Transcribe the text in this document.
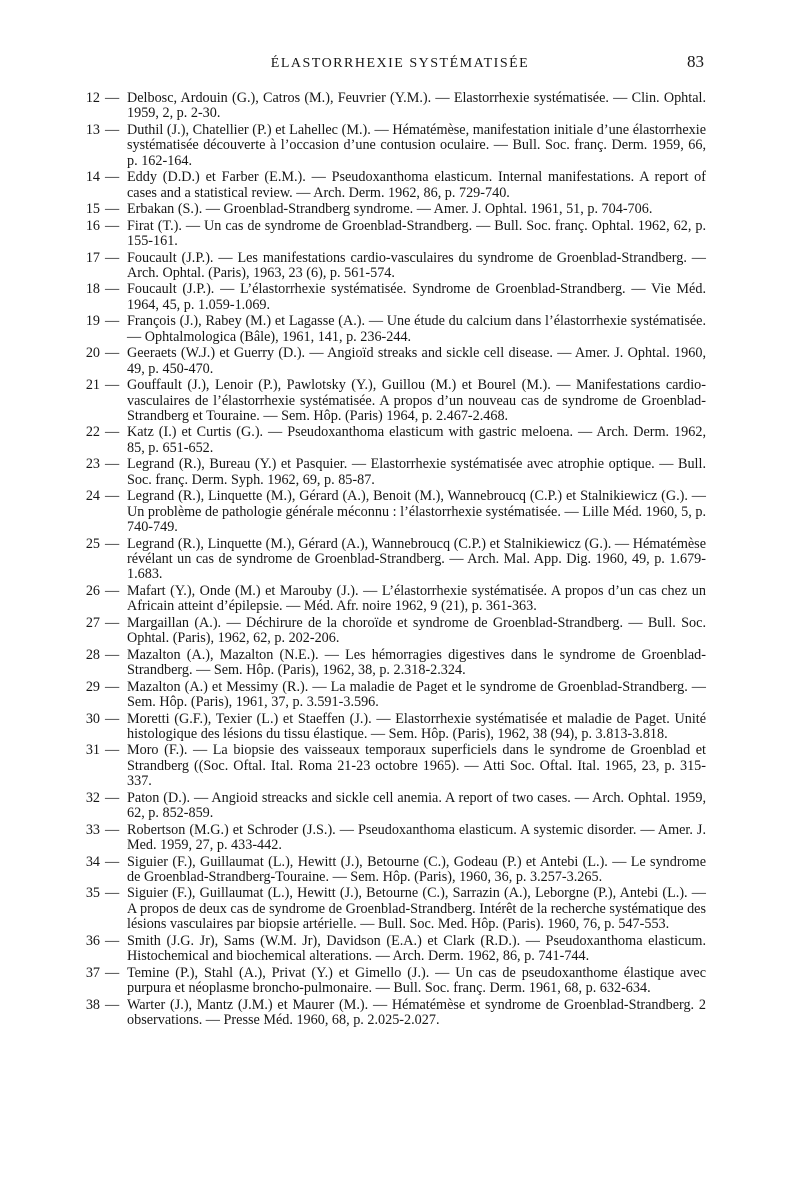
ÉLASTORRHEXIE SYSTÉMATISÉE	83
12 — Delbosc, Ardouin (G.), Catros (M.), Feuvrier (Y.M.). — Elastorrhexie systématisée. — Clin. Ophtal. 1959, 2, p. 2-30.
13 — Duthil (J.), Chatellier (P.) et Lahellec (M.). — Hématémèse, manifestation initiale d’une élastorrhexie systématisée découverte à l’occasion d’une contusion oculaire. — Bull. Soc. franç. Derm. 1959, 66, p. 162-164.
14 — Eddy (D.D.) et Farber (E.M.). — Pseudoxanthoma elasticum. Internal manifestations. A report of cases and a statistical review. — Arch. Derm. 1962, 86, p. 729-740.
15 — Erbakan (S.). — Groenblad-Strandberg syndrome. — Amer. J. Ophtal. 1961, 51, p. 704-706.
16 — Firat (T.). — Un cas de syndrome de Groenblad-Strandberg. — Bull. Soc. franç. Ophtal. 1962, 62, p. 155-161.
17 — Foucault (J.P.). — Les manifestations cardio-vasculaires du syndrome de Groenblad-Strandberg. — Arch. Ophtal. (Paris), 1963, 23 (6), p. 561-574.
18 — Foucault (J.P.). — L’élastorrhexie systématisée. Syndrome de Groenblad-Strandberg. — Vie Méd. 1964, 45, p. 1.059-1.069.
19 — François (J.), Rabey (M.) et Lagasse (A.). — Une étude du calcium dans l’élastorrhexie systématisée. — Ophtalmologica (Bâle), 1961, 141, p. 236-244.
20 — Geeraets (W.J.) et Guerry (D.). — Angioïd streaks and sickle cell disease. — Amer. J. Ophtal. 1960, 49, p. 450-470.
21 — Gouffault (J.), Lenoir (P.), Pawlotsky (Y.), Guillou (M.) et Bourel (M.). — Manifestations cardio-vasculaires de l’élastorrhexie systématisée. A propos d’un nouveau cas de syndrome de Groenblad-Strandberg et Touraine. — Sem. Hôp. (Paris) 1964, p. 2.467-2.468.
22 — Katz (I.) et Curtis (G.). — Pseudoxanthoma elasticum with gastric meloena. — Arch. Derm. 1962, 85, p. 651-652.
23 — Legrand (R.), Bureau (Y.) et Pasquier. — Elastorrhexie systématisée avec atrophie optique. — Bull. Soc. franç. Derm. Syph. 1962, 69, p. 85-87.
24 — Legrand (R.), Linquette (M.), Gérard (A.), Benoit (M.), Wannebroucq (C.P.) et Stalnikiewicz (G.). — Un problème de pathologie générale méconnu : l’élastorrhexie systématisée. — Lille Méd. 1960, 5, p. 740-749.
25 — Legrand (R.), Linquette (M.), Gérard (A.), Wannebroucq (C.P.) et Stalnikiewicz (G.). — Hématémèse révélant un cas de syndrome de Groenblad-Strandberg. — Arch. Mal. App. Dig. 1960, 49, p. 1.679-1.683.
26 — Mafart (Y.), Onde (M.) et Marouby (J.). — L’élastorrhexie systématisée. A propos d’un cas chez un Africain atteint d’épilepsie. — Méd. Afr. noire 1962, 9 (21), p. 361-363.
27 — Margaillan (A.). — Déchirure de la choroïde et syndrome de Groenblad-Strandberg. — Bull. Soc. Ophtal. (Paris), 1962, 62, p. 202-206.
28 — Mazalton (A.), Mazalton (N.E.). — Les hémorragies digestives dans le syndrome de Groenblad-Strandberg. — Sem. Hôp. (Paris), 1962, 38, p. 2.318-2.324.
29 — Mazalton (A.) et Messimy (R.). — La maladie de Paget et le syndrome de Groenblad-Strandberg. — Sem. Hôp. (Paris), 1961, 37, p. 3.591-3.596.
30 — Moretti (G.F.), Texier (L.) et Staeffen (J.). — Elastorrhexie systématisée et maladie de Paget. Unité histologique des lésions du tissu élastique. — Sem. Hôp. (Paris), 1962, 38 (94), p. 3.813-3.818.
31 — Moro (F.). — La biopsie des vaisseaux temporaux superficiels dans le syndrome de Groenblad et Strandberg ((Soc. Oftal. Ital. Roma 21-23 octobre 1965). — Atti Soc. Oftal. Ital. 1965, 23, p. 315-337.
32 — Paton (D.). — Angioid streacks and sickle cell anemia. A report of two cases. — Arch. Ophtal. 1959, 62, p. 852-859.
33 — Robertson (M.G.) et Schroder (J.S.). — Pseudoxanthoma elasticum. A systemic disorder. — Amer. J. Med. 1959, 27, p. 433-442.
34 — Siguier (F.), Guillaumat (L.), Hewitt (J.), Betourne (C.), Godeau (P.) et Antebi (L.). — Le syndrome de Groenblad-Strandberg-Touraine. — Sem. Hôp. (Paris), 1960, 36, p. 3.257-3.265.
35 — Siguier (F.), Guillaumat (L.), Hewitt (J.), Betourne (C.), Sarrazin (A.), Leborgne (P.), Antebi (L.). — A propos de deux cas de syndrome de Groenblad-Strandberg. Intérêt de la recherche systématique des lésions vasculaires par biopsie artérielle. — Bull. Soc. Med. Hôp. (Paris). 1960, 76, p. 547-553.
36 — Smith (J.G. Jr), Sams (W.M. Jr), Davidson (E.A.) et Clark (R.D.). — Pseudoxanthoma elasticum. Histochemical and biochemical alterations. — Arch. Derm. 1962, 86, p. 741-744.
37 — Temine (P.), Stahl (A.), Privat (Y.) et Gimello (J.). — Un cas de pseudoxanthome élastique avec purpura et néoplasme broncho-pulmonaire. — Bull. Soc. franç. Derm. 1961, 68, p. 632-634.
38 — Warter (J.), Mantz (J.M.) et Maurer (M.). — Hématémèse et syndrome de Groenblad-Strandberg. 2 observations. — Presse Méd. 1960, 68, p. 2.025-2.027.
